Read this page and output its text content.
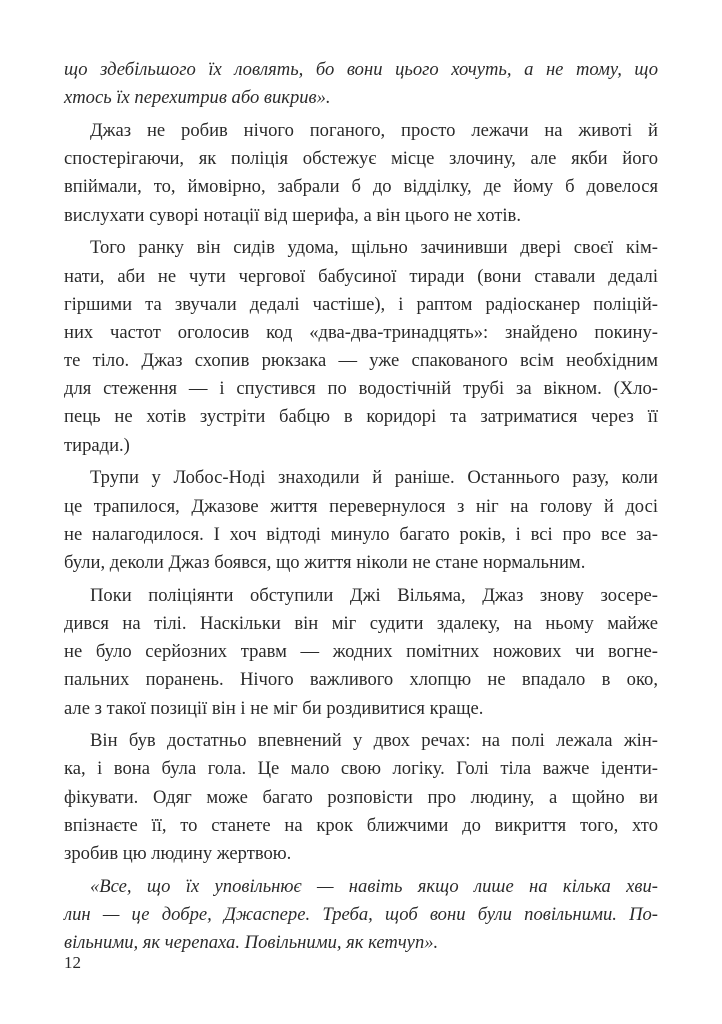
що здебільшого їх ловлять, бо вони цього хочуть, а не тому, що
хтось їх перехитрив або викрив».
Джаз не робив нічого поганого, просто лежачи на животі й
спостерігаючи, як поліція обстежує місце злочину, але якби його
впіймали, то, ймовірно, забрали б до відділку, де йому б довелося
вислухати суворі нотації від шерифа, а він цього не хотів.
Того ранку він сидів удома, щільно зачинивши двері своєї кім-
нати, аби не чути чергової бабусиної тиради (вони ставали дедалі
гіршими та звучали дедалі частіше), і раптом радіосканер поліцій-
них частот оголосив код «два-два-тринадцять»: знайдено покину-
те тіло. Джаз схопив рюкзака — уже спакованого всім необхідним
для стеження — і спустився по водостічній трубі за вікном. (Хло-
пець не хотів зустріти бабцю в коридорі та затриматися через її
тиради.)
Трупи у Лобос-Ноді знаходили й раніше. Останнього разу, коли
це трапилося, Джазове життя перевернулося з ніг на голову й досі
не налагодилося. І хоч відтоді минуло багато років, і всі про все за-
були, деколи Джаз боявся, що життя ніколи не стане нормальним.
Поки поліціянти обступили Джі Вільяма, Джаз знову зосере-
дився на тілі. Наскільки він міг судити здалеку, на ньому майже
не було серйозних травм — жодних помітних ножових чи вогне-
пальних поранень. Нічого важливого хлопцю не впадало в око,
але з такої позиції він і не міг би роздивитися краще.
Він був достатньо впевнений у двох речах: на полі лежала жін-
ка, і вона була гола. Це мало свою логіку. Голі тіла важче іденти-
фікувати. Одяг може багато розповісти про людину, а щойно ви
впізнаєте її, то станете на крок ближчими до викриття того, хто
зробив цю людину жертвою.
«Все, що їх уповільнює — навіть якщо лише на кілька хви-
лин — це добре, Джаспере. Треба, щоб вони були повільними. По-
вільними, як черепаха. Повільними, як кетчуп».
12
